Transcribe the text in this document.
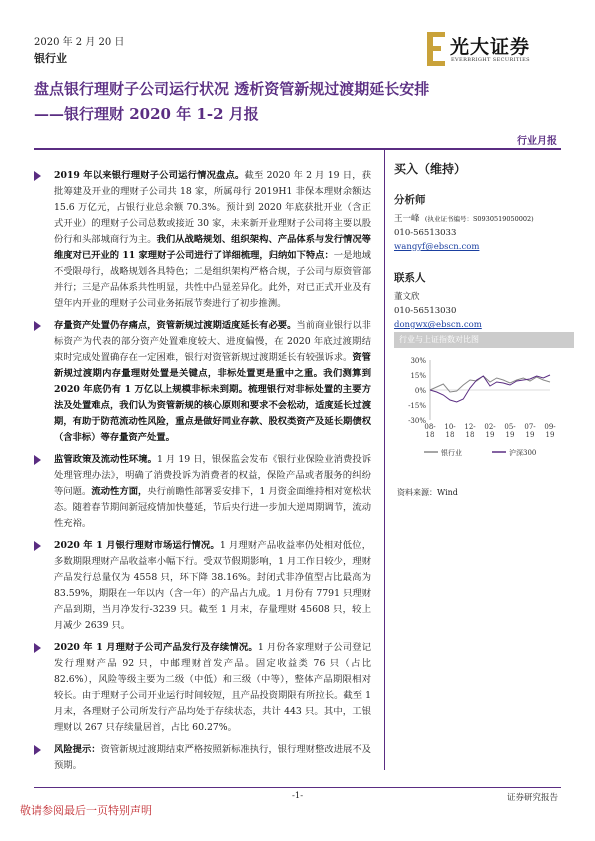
2020 年 2 月 20 日
银行业
光大证券
EVERBRIGHT SECURITIES
盘点银行理财子公司运行状况 透析资管新规过渡期延长安排
——银行理财 2020 年 1-2 月报
行业月报
2019 年以来银行理财子公司运行情况盘点。截至 2020 年 2 月 19 日，获批筹建及开业的理财子公司共 18 家，所属母行 2019H1 非保本理财余额达 15.6 万亿元，占银行业总余额 70.3%。预计到 2020 年底获批开业（含正式开业）的理财子公司总数或接近 30 家，未来新开业理财子公司将主要以股份行和头部城商行为主。我们从战略规划、组织架构、产品体系与发行情况等维度对已开业的 11 家理财子公司进行了详细梳理，归纳如下特点：一是地域不受限母行，战略规划各具特色；二是组织架构严格合规，子公司与原资管部并行；三是产品体系共性明显，共性中凸显差异化。此外，对已正式开业及有望年内开业的理财子公司业务拓展节奏进行了初步推测。
存量资产处置仍存痛点，资管新规过渡期适度延长有必要。当前商业银行以非标资产为代表的部分资产处置难度较大、进度偏慢，在 2020 年底过渡期结束时完成处置确存在一定困难，银行对资管新规过渡期延长有较强诉求。资管新规过渡期内存量理财处置是关键点，非标处置更是重中之重。我们测算到 2020 年底仍有 1 万亿以上规模非标未到期。梳理银行对非标处置的主要方法及处置难点，我们认为资管新规的核心原则和要求不会松动，适度延长过渡期，有助于防范流动性风险，重点是做好同业存款、股权类资产及延长期债权（含非标）等存量资产处置。
监管政策及流动性环境。1 月 19 日，银保监会发布《银行业保险业消费投诉处理管理办法》，明确了消费投诉为消费者的权益，保险产品或者服务的纠纷等问题。流动性方面，央行前瞻性部署妥安排下，1 月资金面维持相对宽松状态。随着春节期间新冠疫情加快蔓延，节后央行进一步加大逆周期调节，流动性充裕。
2020 年 1 月银行理财市场运行情况。1 月理财产品收益率仍处相对低位，多数期限理财产品收益率小幅下行。受双节假期影响，1 月工作日较少，理财产品发行总量仅为 4558 只，环下降 38.16%。封闭式非净值型占比最高为 83.59%，期限在一年以内（含一年）的产品占九成。1 月份有 7791 只理财产品到期，当月净发行-3239 只。截至 1 月末，存量理财 45608 只，较上月减少 2639 只。
2020 年 1 月理财子公司产品发行及存续情况。1 月份各家理财子公司登记发行理财产品 92 只，中邮理财首发产品。固定收益类 76 只（占比 82.6%），风险等级主要为二级（中低）和三级（中等），整体产品期限相对较长。由于理财子公司开业运行时间较短，且产品投资期限有所拉长。截至 1 月末，各理财子公司所发行产品均处于存续状态，共计 443 只。其中，工银理财以 267 只存续量居首，占比 60.27%。
风险提示：资管新规过渡期结束严格按照新标准执行，银行理财整改进展不及预期。
买入（维持）
分析师
王一峰 (执业证书编号：S0930519050002)
010-56513033
wangyf@ebscn.com
联系人
董文欣
010-56513030
dongwx@ebscn.com
行业与上证指数对比图
30%
15%
0%
-15%
-30%
08-
18
10-
18
12-
18
02-
19
05-
19
07-
19
09-
19
银行业	沪深300
资料来源：Wind
-1-	证券研究报告
敬请参阅最后一页特别声明
